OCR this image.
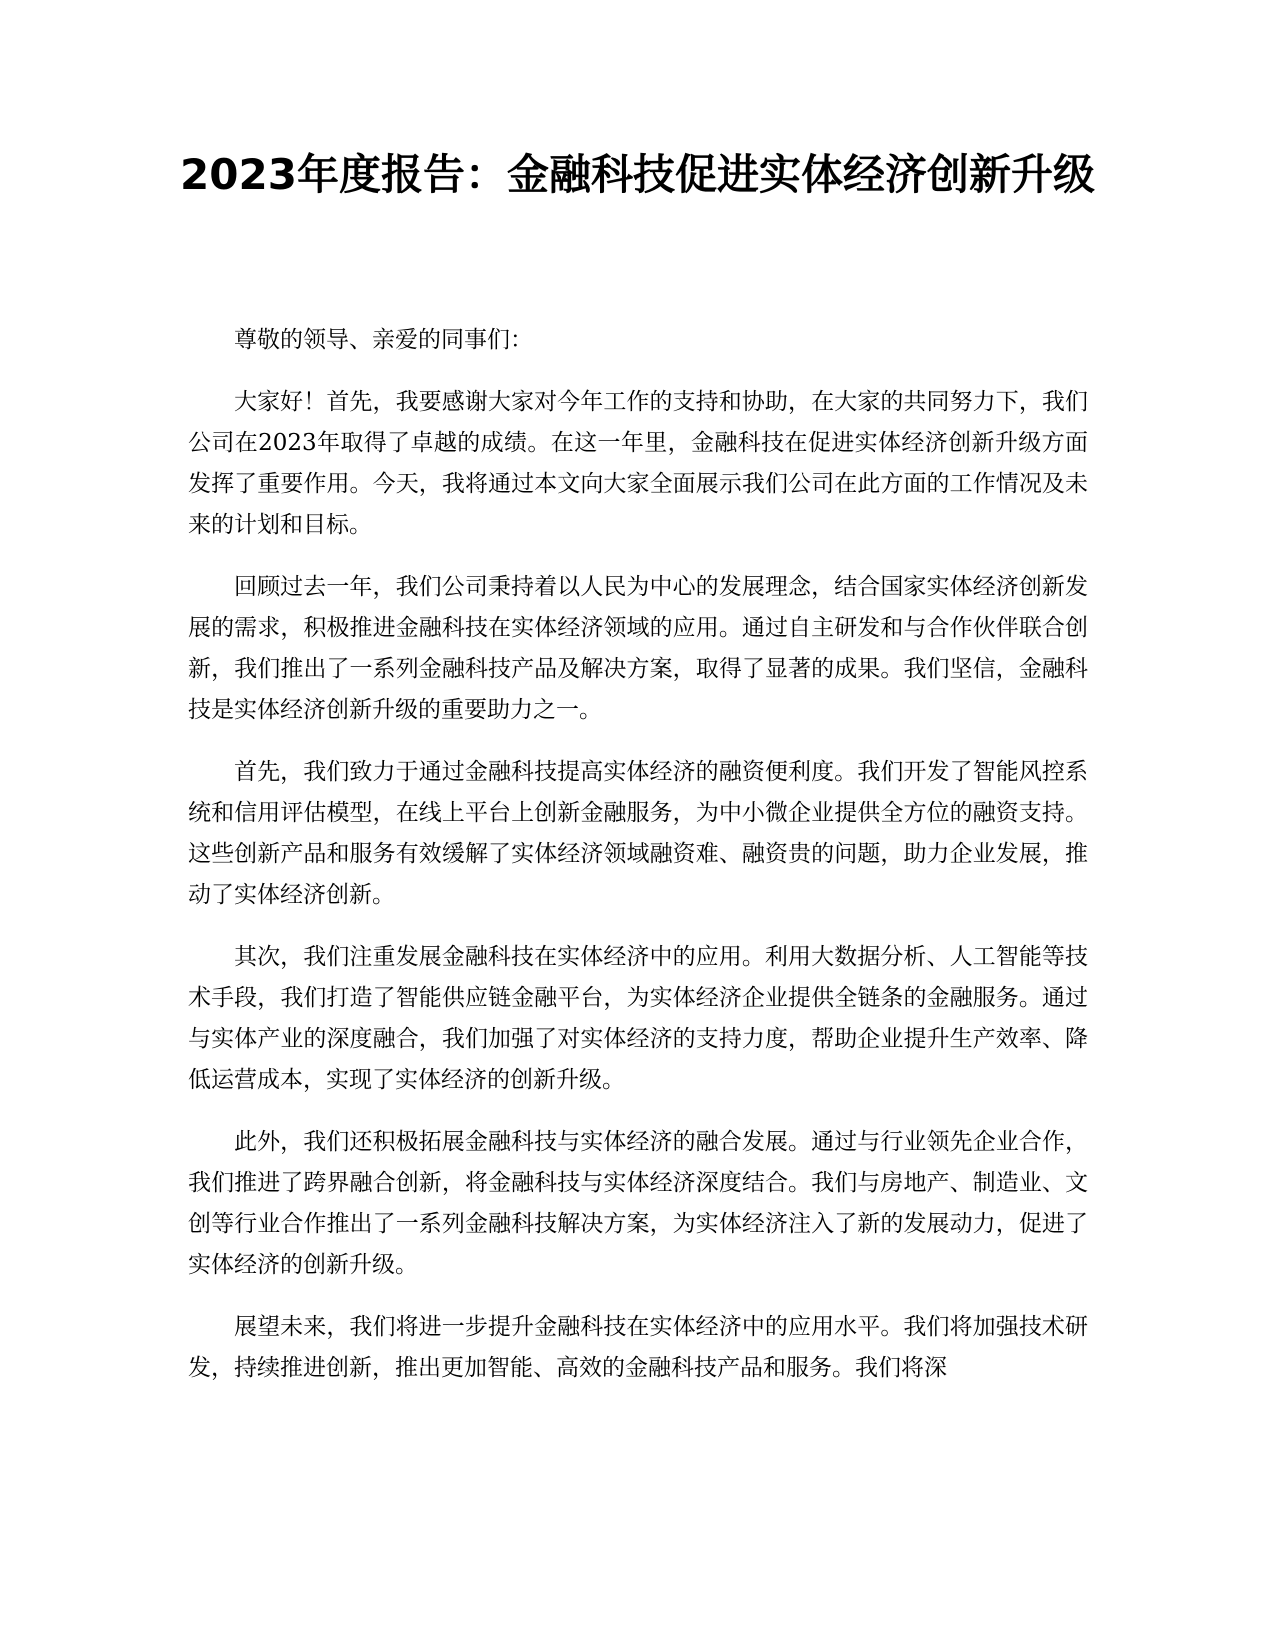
2023年度报告：金融科技促进实体经济创新升级

尊敬的领导、亲爱的同事们：

大家好！首先，我要感谢大家对今年工作的支持和协助，在大家的共同努力下，我们公司在2023年取得了卓越的成绩。在这一年里，金融科技在促进实体经济创新升级方面发挥了重要作用。今天，我将通过本文向大家全面展示我们公司在此方面的工作情况及未来的计划和目标。

回顾过去一年，我们公司秉持着以人民为中心的发展理念，结合国家实体经济创新发展的需求，积极推进金融科技在实体经济领域的应用。通过自主研发和与合作伙伴联合创新，我们推出了一系列金融科技产品及解决方案，取得了显著的成果。我们坚信，金融科技是实体经济创新升级的重要助力之一。

首先，我们致力于通过金融科技提高实体经济的融资便利度。我们开发了智能风控系统和信用评估模型，在线上平台上创新金融服务，为中小微企业提供全方位的融资支持。这些创新产品和服务有效缓解了实体经济领域融资难、融资贵的问题，助力企业发展，推动了实体经济创新。

其次，我们注重发展金融科技在实体经济中的应用。利用大数据分析、人工智能等技术手段，我们打造了智能供应链金融平台，为实体经济企业提供全链条的金融服务。通过与实体产业的深度融合，我们加强了对实体经济的支持力度，帮助企业提升生产效率、降低运营成本，实现了实体经济的创新升级。

此外，我们还积极拓展金融科技与实体经济的融合发展。通过与行业领先企业合作，我们推进了跨界融合创新，将金融科技与实体经济深度结合。我们与房地产、制造业、文创等行业合作推出了一系列金融科技解决方案，为实体经济注入了新的发展动力，促进了实体经济的创新升级。

展望未来，我们将进一步提升金融科技在实体经济中的应用水平。我们将加强技术研发，持续推进创新，推出更加智能、高效的金融科技产品和服务。我们将深
